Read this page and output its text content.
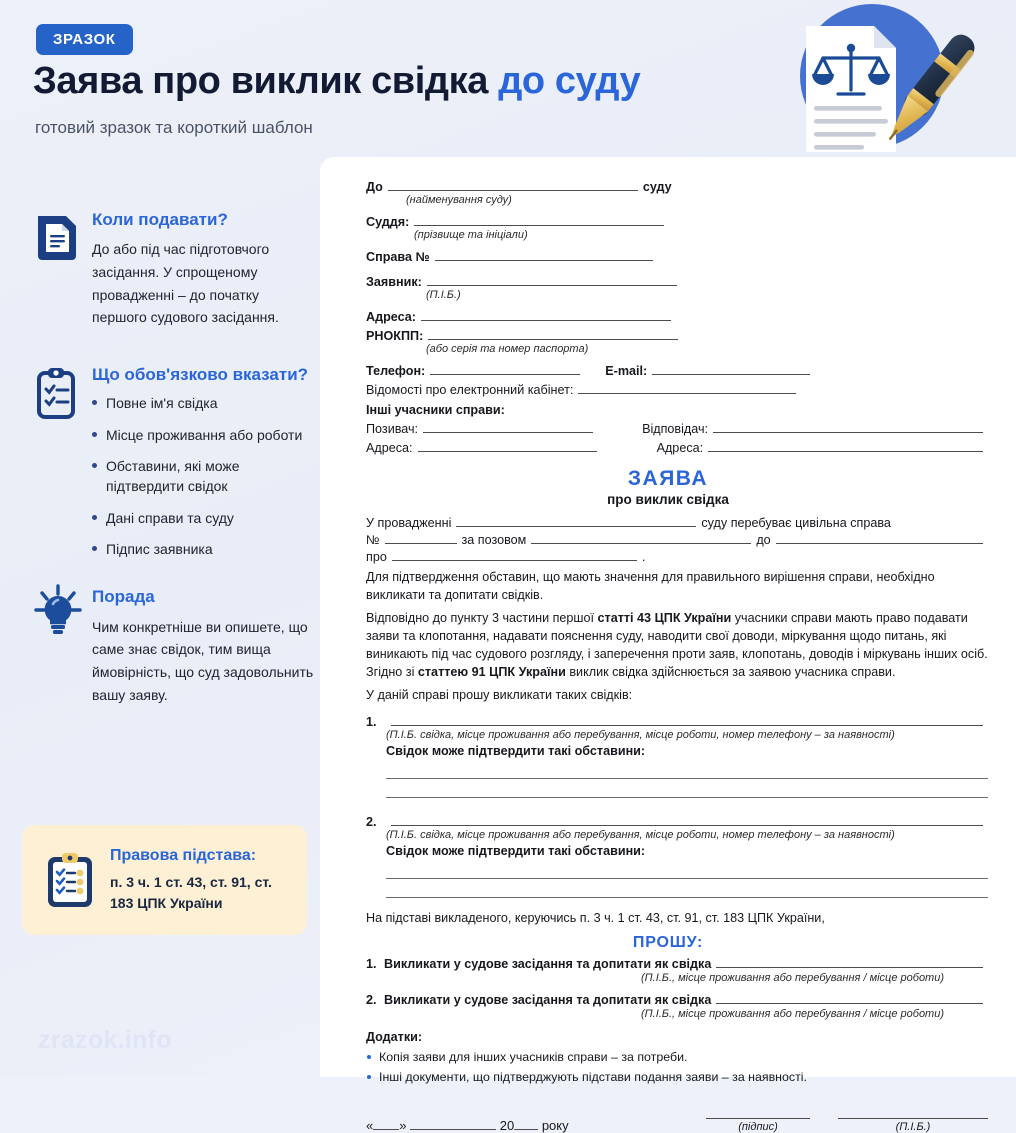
ЗРАЗОК
Заява про виклик свідка до суду
готовий зразок та короткий шаблон
Коли подавати?
До або під час підготовчого засідання. У спрощеному провадженні – до початку першого судового засідання.
Що обов'язково вказати?
Повне ім'я свідка
Місце проживання або роботи
Обставини, які може підтвердити свідок
Дані справи та суду
Підпис заявника
Порада
Чим конкретніше ви опишете, що саме знає свідок, тим вища ймовірність, що суд задовольнить вашу заяву.
Правова підстава:
п. 3 ч. 1 ст. 43, ст. 91, ст. 183 ЦПК України
zrazok.info
До	суду
(найменування суду)
Суддя:
(прізвище та ініціали)
Справа №
Заявник:
(П.І.Б.)
Адреса:
РНОКПП:
(або серія та номер паспорта)
Телефон:	E-mail:
Відомості про електронний кабінет:
Інші учасники справи:
Позивач:	Відповідач:
Адреса:	Адреса:
ЗАЯВА
про виклик свідка
У провадженні	суду перебуває цивільна справа
№	за позовом	до
про	.
Для підтвердження обставин, що мають значення для правильного вирішення справи, необхідно викликати та допитати свідків.
Відповідно до пункту 3 частини першої статті 43 ЦПК України учасники справи мають право подавати заяви та клопотання, надавати пояснення суду, наводити свої доводи, міркування щодо питань, які виникають під час судового розгляду, і заперечення проти заяв, клопотань, доводів і міркувань інших осіб. Згідно зі статтею 91 ЦПК України виклик свідка здійснюється за заявою учасника справи.
У даній справі прошу викликати таких свідків:
1.
(П.І.Б. свідка, місце проживання або перебування, місце роботи, номер телефону – за наявності)
Свідок може підтвердити такі обставини:
2.
(П.І.Б. свідка, місце проживання або перебування, місце роботи, номер телефону – за наявності)
Свідок може підтвердити такі обставини:
На підставі викладеного, керуючись п. 3 ч. 1 ст. 43, ст. 91, ст. 183 ЦПК України,
ПРОШУ:
1. Викликати у судове засідання та допитати як свідка
(П.І.Б., місце проживання або перебування / місце роботи)
2. Викликати у судове засідання та допитати як свідка
(П.І.Б., місце проживання або перебування / місце роботи)
Додатки:
Копія заяви для інших учасників справи – за потреби.
Інші документи, що підтверджують підстави подання заяви – за наявності.
« »	20 року	(підпис)	(П.І.Б.)
